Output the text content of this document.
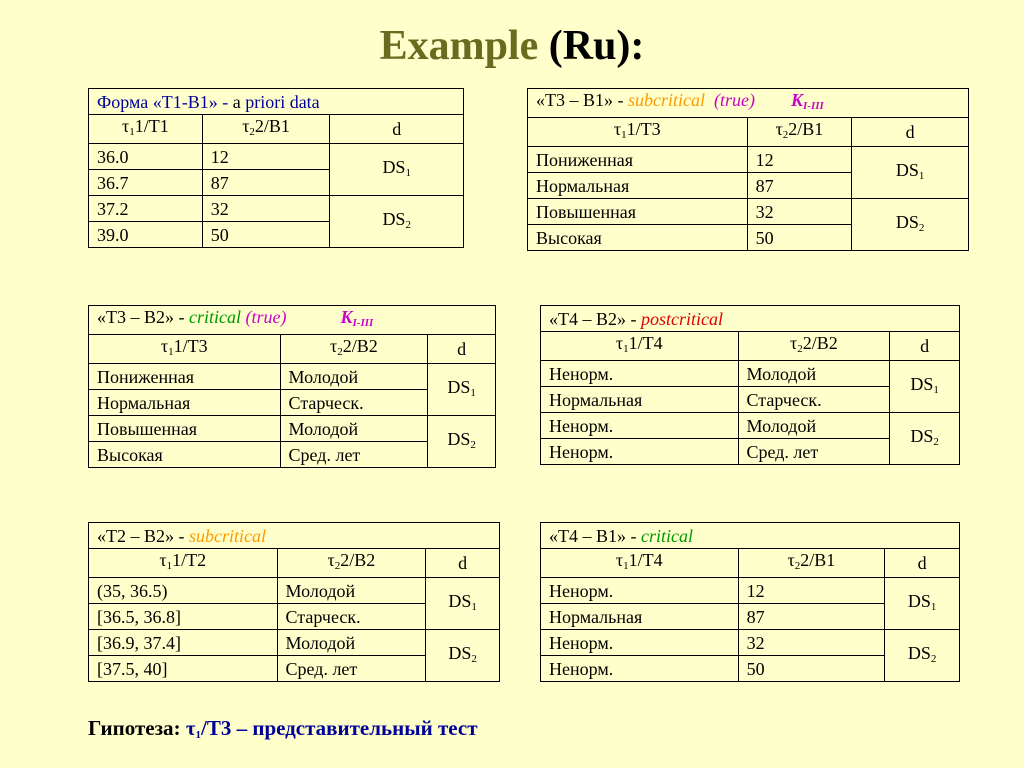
Example (Ru):
Форма «Т1-В1» - a priori data		
$\tau_11/Т1$	$\tau_22/В1$	d
36.0	12	$DS_1$
36.7	87	
37.2	32	$DS_2$
39.0	50	
«Т3 – В1» - subcritical (true) $K_{I-III}$
$\tau_11/Т3$	$\tau_22/В1$	d
Пониженная	12	$DS_1$
Нормальная	87	
Повышенная	32	$DS_2$
Высокая	50	
«Т3 – В2» - critical (true) $K_{I-III}$
$\tau_11/Т3$	$\tau_22/В2$	d
Пониженная	Молодой	$DS_1$
Нормальная	Старческ.	
Повышенная	Молодой	$DS_2$
Высокая	Сред. лет	
«Т4 – В2» - postcritical		
$\tau_11/Т4$	$\tau_22/В2$	d
Ненорм.	Молодой	$DS_1$
Нормальная	Старческ.	
Ненорм.	Молодой	$DS_2$
Ненорм.	Сред. лет	
«Т2 – В2» - subcritical		
$\tau_11/Т2$	$\tau_22/В2$	d
(35, 36.5)	Молодой	$DS_1$
[36.5, 36.8]	Старческ.	
[36.9, 37.4]	Молодой	$DS_2$
[37.5, 40]	Сред. лет	
«Т4 – В1» - critical		
$\tau_11/Т4$	$\tau_22/В1$	d
Ненорм.	12	$DS_1$
Нормальная	87	
Ненорм.	32	$DS_2$
Ненорм.	50	
Гипотеза: $\tau_1/Т3$ – представительный тест
